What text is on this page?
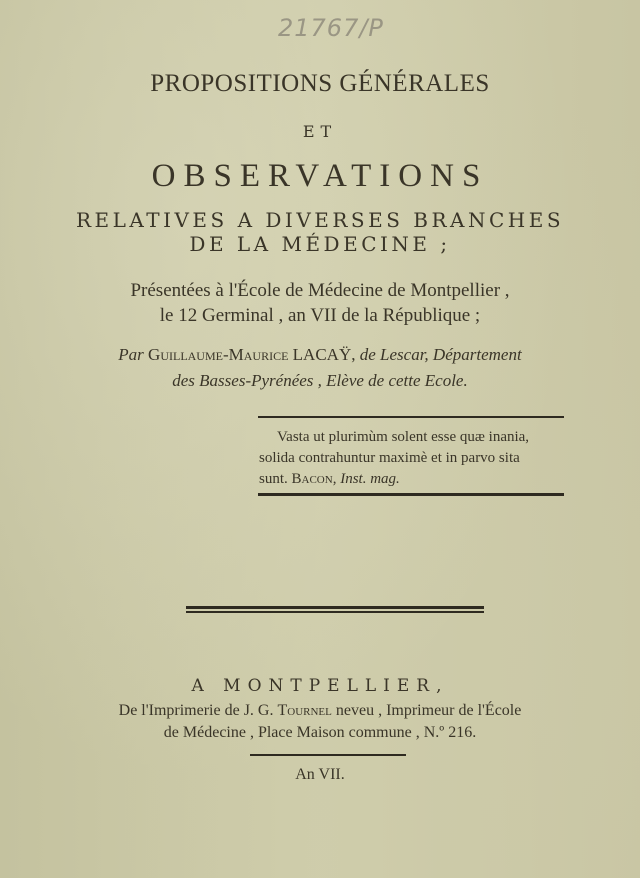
21767/P
PROPOSITIONS GÉNÉRALES
ET
OBSERVATIONS
RELATIVES A DIVERSES BRANCHES
DE LA MÉDECINE ;
Présentées à l'École de Médecine de Montpellier ,
le 12 Germinal , an VII de la République ;
Par Guillaume-Maurice LACAŸ, de Lescar, Département
des Basses-Pyrénées , Elève de cette Ecole.
Vasta ut plurimùm solent esse quæ inania,
solida contrahuntur maximè et in parvo sita
sunt. Bacon, Inst. mag.
A MONTPELLIER,
De l'Imprimerie de J. G. Tournel neveu , Imprimeur de l'École
de Médecine , Place Maison commune , N.º 216.
An VII.
